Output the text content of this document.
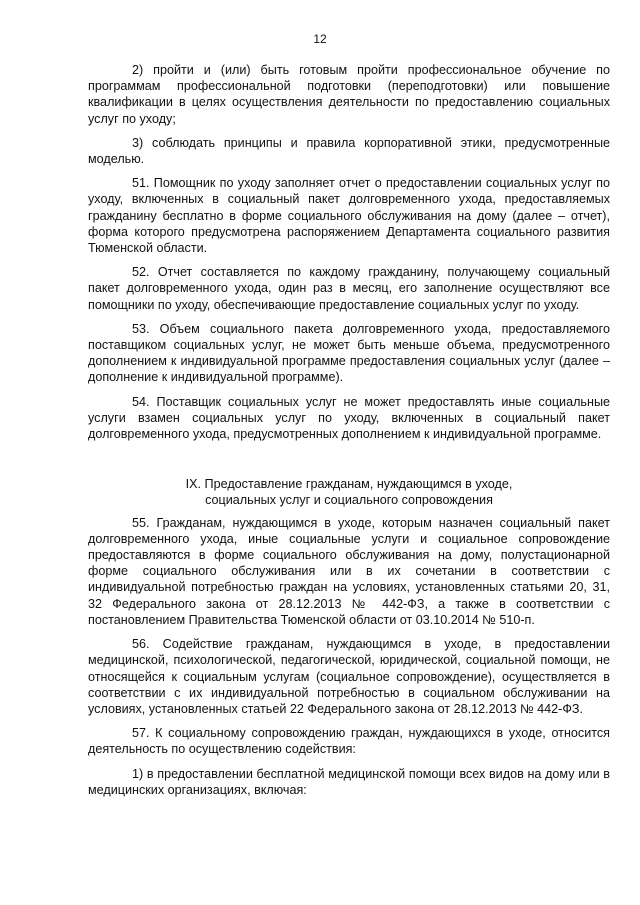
12

2) пройти и (или) быть готовым пройти профессиональное обучение по программам профессиональной подготовки (переподготовки) или повышение квалификации в целях осуществления деятельности по предоставлению социальных услуг по уходу;

3) соблюдать принципы и правила корпоративной этики, предусмотренные моделью.

51. Помощник по уходу заполняет отчет о предоставлении социальных услуг по уходу, включенных в социальный пакет долговременного ухода, предоставляемых гражданину бесплатно в форме социального обслуживания на дому (далее – отчет), форма которого предусмотрена распоряжением Департамента социального развития Тюменской области.

52. Отчет составляется по каждому гражданину, получающему социальный пакет долговременного ухода, один раз в месяц, его заполнение осуществляют все помощники по уходу, обеспечивающие предоставление социальных услуг по уходу.

53. Объем социального пакета долговременного ухода, предоставляемого поставщиком социальных услуг, не может быть меньше объема, предусмотренного дополнением к индивидуальной программе предоставления социальных услуг (далее – дополнение к индивидуальной программе).

54. Поставщик социальных услуг не может предоставлять иные социальные услуги взамен социальных услуг по уходу, включенных в социальный пакет долговременного ухода, предусмотренных дополнением к индивидуальной программе.

IX. Предоставление гражданам, нуждающимся в уходе,
социальных услуг и социального сопровождения

55. Гражданам, нуждающимся в уходе, которым назначен социальный пакет долговременного ухода, иные социальные услуги и социальное сопровождение предоставляются в форме социального обслуживания на дому, полустационарной форме социального обслуживания или в их сочетании в соответствии с индивидуальной потребностью граждан на условиях, установленных статьями 20, 31, 32 Федерального закона от 28.12.2013 № 442-ФЗ, а также в соответствии с постановлением Правительства Тюменской области от 03.10.2014 № 510-п.

56. Содействие гражданам, нуждающимся в уходе, в предоставлении медицинской, психологической, педагогической, юридической, социальной помощи, не относящейся к социальным услугам (социальное сопровождение), осуществляется в соответствии с их индивидуальной потребностью в социальном обслуживании на условиях, установленных статьей 22 Федерального закона от 28.12.2013 № 442-ФЗ.

57. К социальному сопровождению граждан, нуждающихся в уходе, относится деятельность по осуществлению содействия:

1) в предоставлении бесплатной медицинской помощи всех видов на дому или в медицинских организациях, включая:
